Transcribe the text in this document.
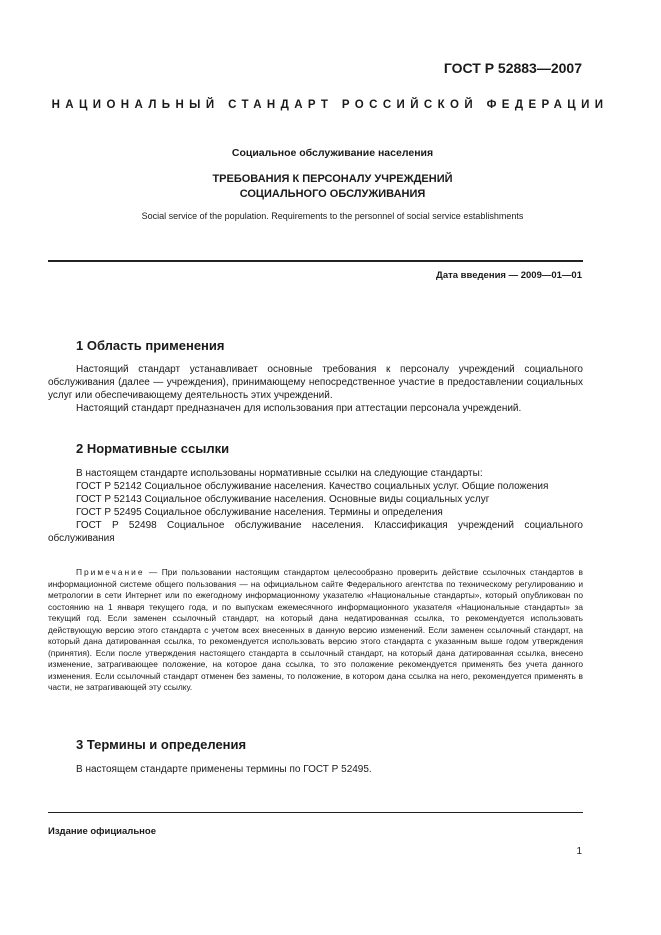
ГОСТ Р 52883—2007
НАЦИОНАЛЬНЫЙ СТАНДАРТ РОССИЙСКОЙ ФЕДЕРАЦИИ
Социальное обслуживание населения
ТРЕБОВАНИЯ К ПЕРСОНАЛУ УЧРЕЖДЕНИЙ
СОЦИАЛЬНОГО ОБСЛУЖИВАНИЯ
Social service of the population. Requirements to the personnel of social service establishments
Дата введения — 2009—01—01
1 Область применения
Настоящий стандарт устанавливает основные требования к персоналу учреждений социального обслуживания (далее — учреждения), принимающему непосредственное участие в предоставлении социальных услуг или обеспечивающему деятельность этих учреждений.
Настоящий стандарт предназначен для использования при аттестации персонала учреждений.
2 Нормативные ссылки
В настоящем стандарте использованы нормативные ссылки на следующие стандарты:
ГОСТ Р 52142 Социальное обслуживание населения. Качество социальных услуг. Общие положения
ГОСТ Р 52143 Социальное обслуживание населения. Основные виды социальных услуг
ГОСТ Р 52495 Социальное обслуживание населения. Термины и определения
ГОСТ Р 52498 Социальное обслуживание населения. Классификация учреждений социального обслуживания
Примечание — При пользовании настоящим стандартом целесообразно проверить действие ссылочных стандартов в информационной системе общего пользования — на официальном сайте Федерального агентства по техническому регулированию и метрологии в сети Интернет или по ежегодному информационному указателю «Национальные стандарты», который опубликован по состоянию на 1 января текущего года, и по выпускам ежемесячного информационного указателя «Национальные стандарты» за текущий год. Если заменен ссылочный стандарт, на который дана недатированная ссылка, то рекомендуется использовать действующую версию этого стандарта с учетом всех внесенных в данную версию изменений. Если заменен ссылочный стандарт, на который дана датированная ссылка, то рекомендуется использовать версию этого стандарта с указанным выше годом утверждения (принятия). Если после утверждения настоящего стандарта в ссылочный стандарт, на который дана датированная ссылка, внесено изменение, затрагивающее положение, на которое дана ссылка, то это положение рекомендуется применять без учета данного изменения. Если ссылочный стандарт отменен без замены, то положение, в котором дана ссылка на него, рекомендуется применять в части, не затрагивающей эту ссылку.
3 Термины и определения
В настоящем стандарте применены термины по ГОСТ Р 52495.
Издание официальное
1
